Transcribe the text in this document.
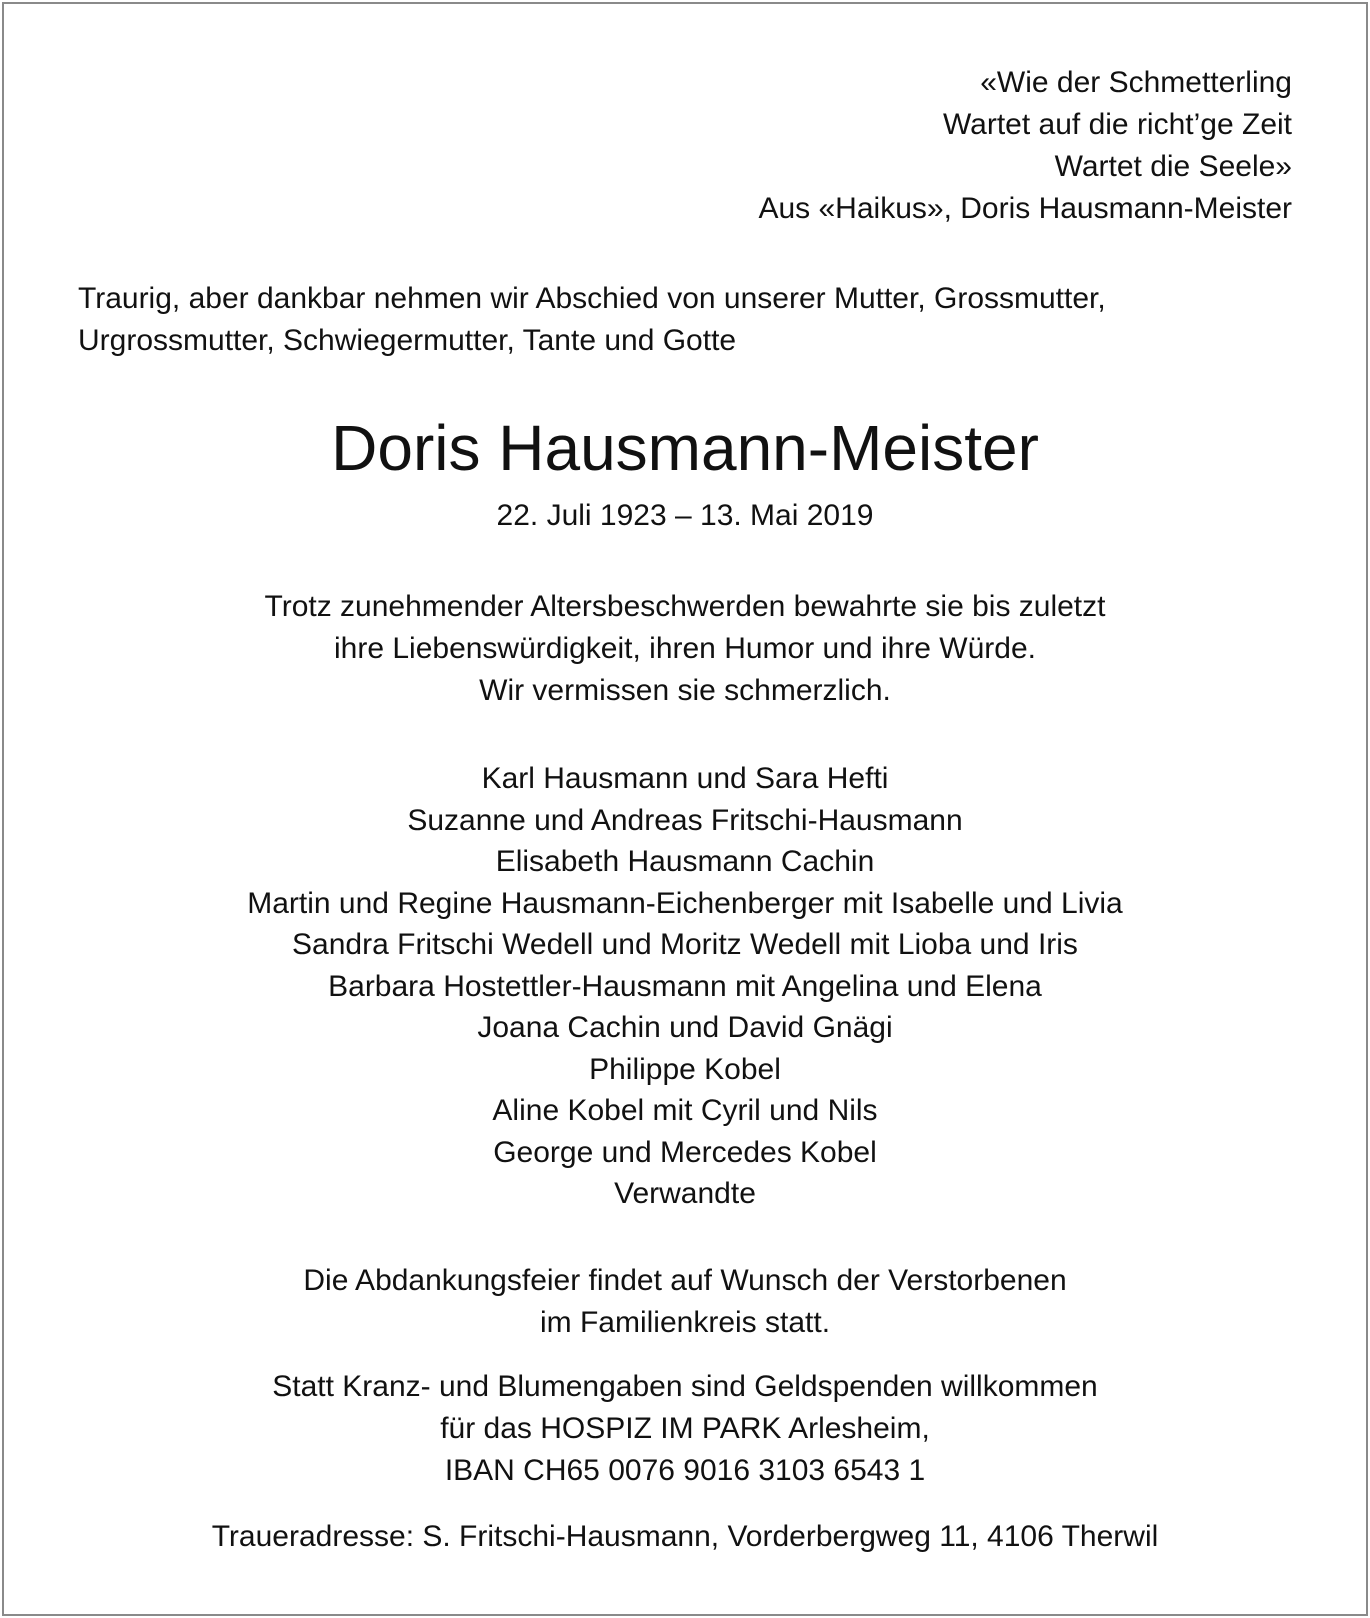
«Wie der Schmetterling
Wartet auf die richt’ge Zeit
Wartet die Seele»
Aus «Haikus», Doris Hausmann-Meister
Traurig, aber dankbar nehmen wir Abschied von unserer Mutter, Grossmutter,
Urgrossmutter, Schwiegermutter, Tante und Gotte
Doris Hausmann-Meister
22. Juli 1923 – 13. Mai 2019
Trotz zunehmender Altersbeschwerden bewahrte sie bis zuletzt
ihre Liebenswürdigkeit, ihren Humor und ihre Würde.
Wir vermissen sie schmerzlich.
Karl Hausmann und Sara Hefti
Suzanne und Andreas Fritschi-Hausmann
Elisabeth Hausmann Cachin
Martin und Regine Hausmann-Eichenberger mit Isabelle und Livia
Sandra Fritschi Wedell und Moritz Wedell mit Lioba und Iris
Barbara Hostettler-Hausmann mit Angelina und Elena
Joana Cachin und David Gnägi
Philippe Kobel
Aline Kobel mit Cyril und Nils
George und Mercedes Kobel
Verwandte
Die Abdankungsfeier findet auf Wunsch der Verstorbenen
im Familienkreis statt.
Statt Kranz- und Blumengaben sind Geldspenden willkommen
für das HOSPIZ IM PARK Arlesheim,
IBAN CH65 0076 9016 3103 6543 1
Traueradresse: S. Fritschi-Hausmann, Vorderbergweg 11, 4106 Therwil
